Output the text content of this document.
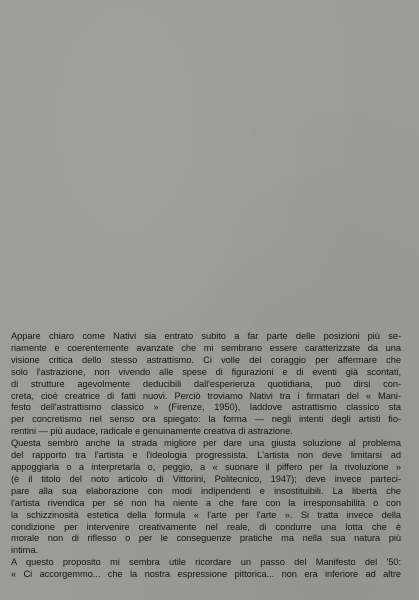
Appare chiaro come Nativi sia entrato subito a far parte delle posizioni più se-
riamente e coerentemente avanzate che mi sembrano essere caratterizzate da una
visione critica dello stesso astrattismo. Ci volle del coraggio per affermare che
solo l'astrazione, non vivendo alle spese di figurazioni e di eventi già scontati,
di strutture agevolmente deducibili dall'esperienza quotidiana, può dirsi con-
creta, cioè creatrice di fatti nuovi. Perciò troviamo Nativi tra i firmatari del « Mani-
festo dell'astrattismo classico » (Firenze, 1950), laddove astrattismo classico sta
per concretismo nel senso ora spiegato: la forma — negli intenti degli artisti fio-
rentini — più audace, radicale e genuinamente creativa di astrazione.

Questa sembrò anche la strada migliore per dare una giusta soluzione al problema
del rapporto tra l'artista e l'ideologia progressista. L'artista non deve limitarsi ad
appoggiarla o a interpretarla o, peggio, a « suonare il piffero per la rivoluzione »
(è il titolo del noto articolo di Vittorini, Politecnico, 1947); deve invece parteci-
pare alla sua elaborazione con modi indipendenti e insostituibili. La libertà che
l'artista rivendica per sé non ha niente a che fare con la irresponsabilità o con
la schizzinosità estetica della formula « l'arte per l'arte ». Si tratta invece della
condizione per intervenire creativamente nel reale, di condurre una lotta che è
morale non di riflesso o per le conseguenze pratiche ma nella sua natura più
intima.

A questo proposito mi sembra utile ricordare un passo del Manifesto del '50:
« Ci accorgemmo... che la nostra espressione pittorica... non era inferiore ad altre
